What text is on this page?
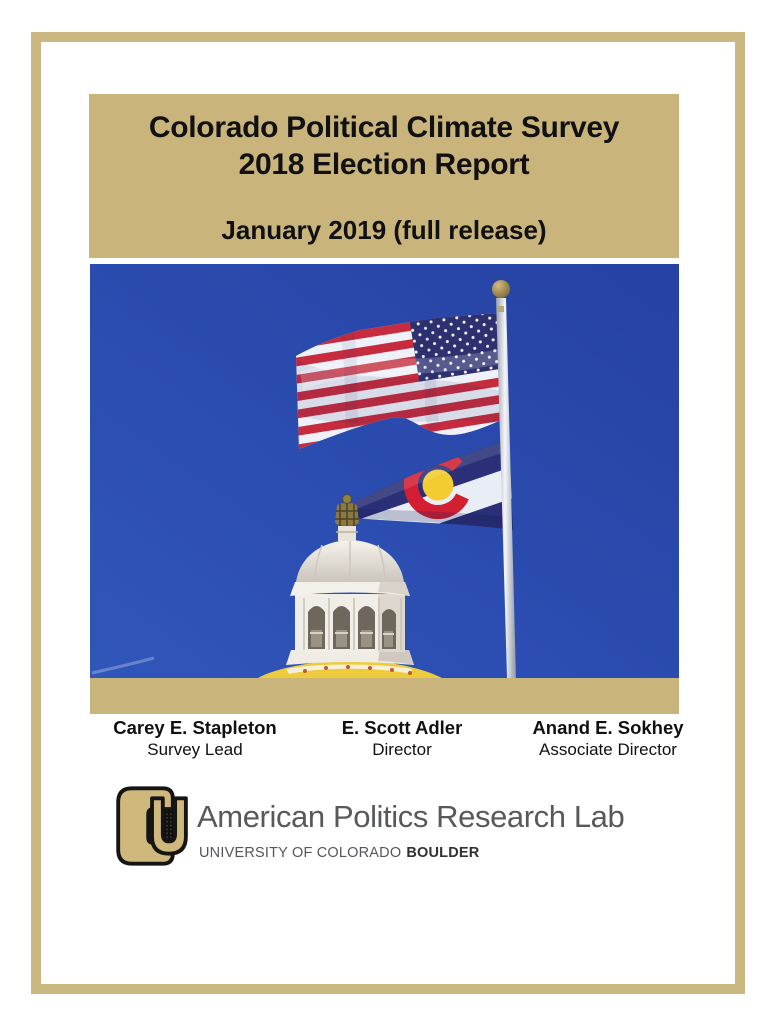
Colorado Political Climate Survey
2018 Election Report
January 2019 (full release)
Carey E. Stapleton
Survey Lead
E. Scott Adler
Director
Anand E. Sokhey
Associate Director
American Politics Research Lab
UNIVERSITY OF COLORADO BOULDER
